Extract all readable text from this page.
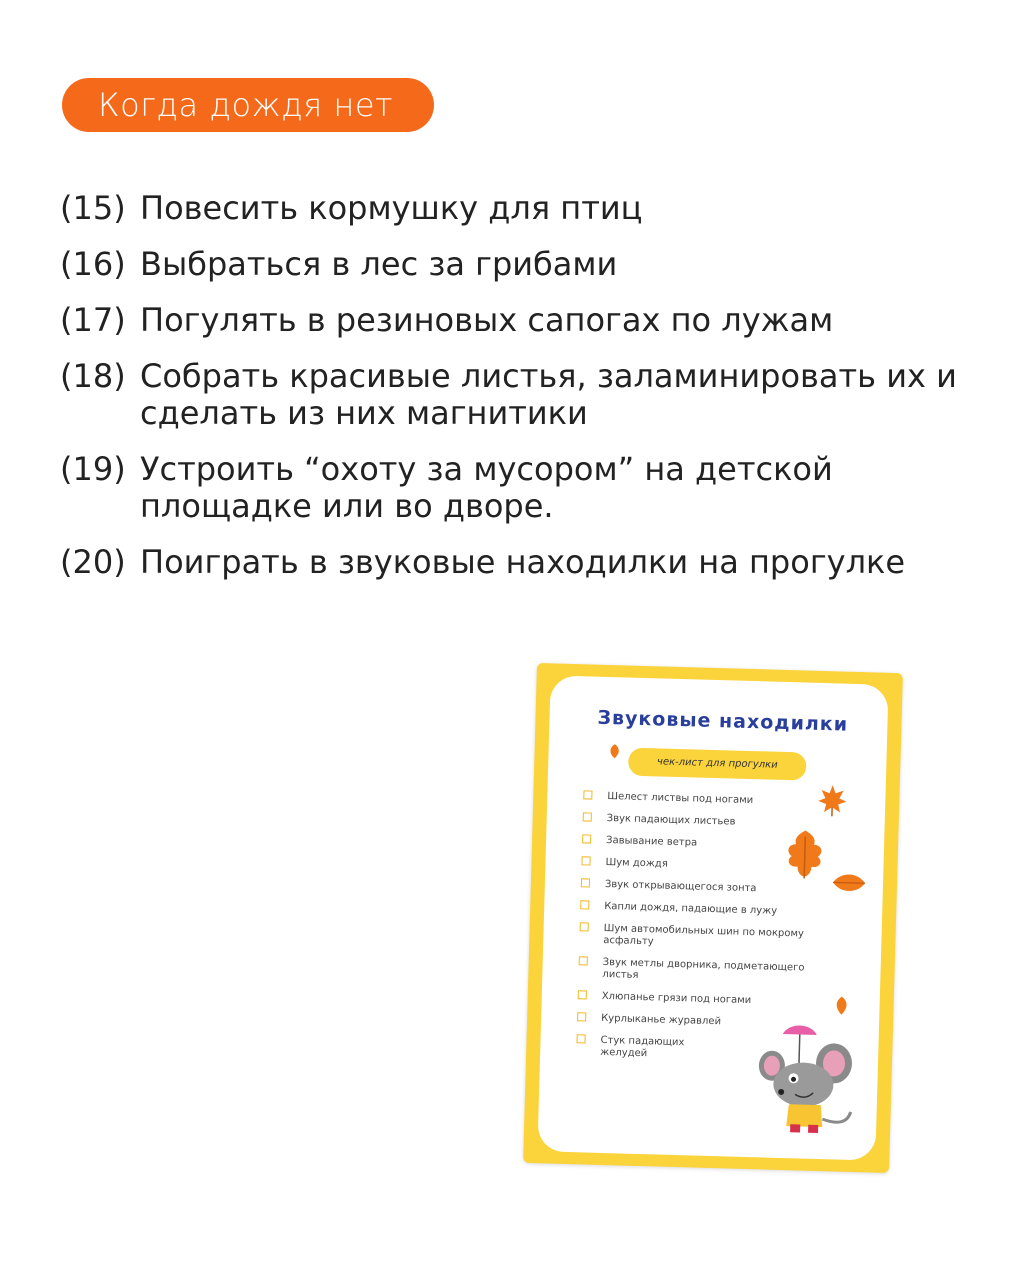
Когда дождя нет
(15) Повесить кормушку для птиц
(16) Выбраться в лес за грибами
(17) Погулять в резиновых сапогах по лужам
(18) Собрать красивые листья, заламинировать их и сделать из них магнитики
(19) Устроить “охоту за мусором” на детской площадке или во дворе.
(20) Поиграть в звуковые находилки на прогулке
Звуковые находилки
чек-лист для прогулки
Шелест листвы под ногами
Звук падающих листьев
Завывание ветра
Шум дождя
Звук открывающегося зонта
Капли дождя, падающие в лужу
Шум автомобильных шин по мокрому асфальту
Звук метлы дворника, подметающего листья
Хлюпанье грязи под ногами
Курлыканье журавлей
Стук падающих желудей
